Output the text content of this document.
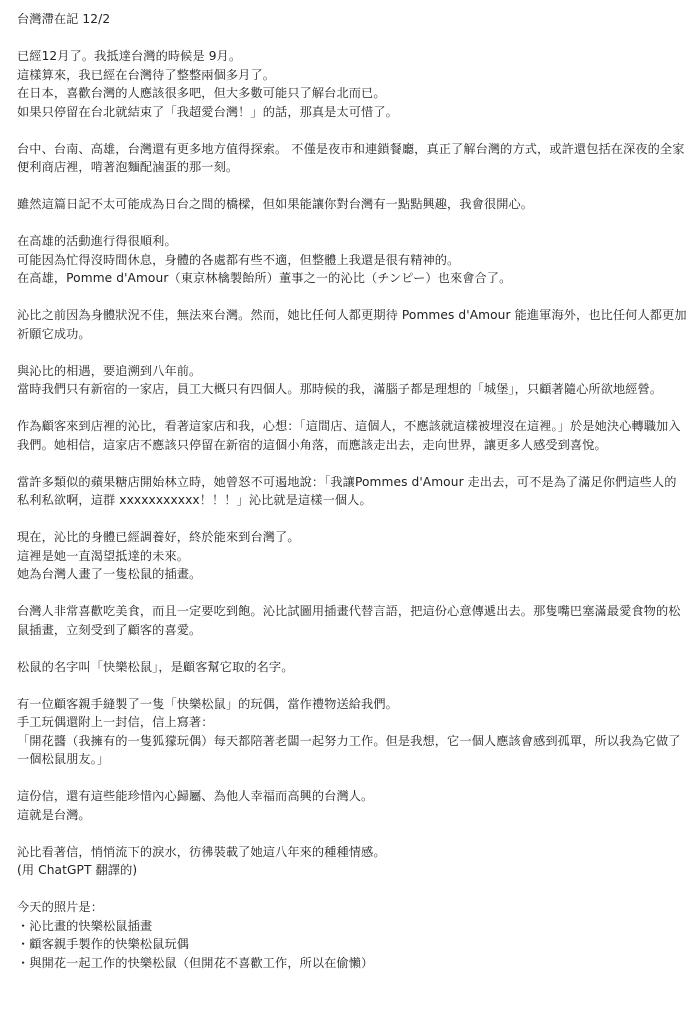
台灣滯在記 12/2
已經12月了。我抵達台灣的時候是 9月。
這樣算來，我已經在台灣待了整整兩個多月了。
在日本，喜歡台灣的人應該很多吧，但大多數可能只了解台北而已。
如果只停留在台北就結束了「我超愛台灣！」的話，那真是太可惜了。
台中、台南、高雄，台灣還有更多地方值得探索。 不僅是夜市和連鎖餐廳，真正了解台灣的方式，或許還包括在深夜的全家便利商店裡，啃著泡麵配滷蛋的那一刻。
雖然這篇日記不太可能成為日台之間的橋樑，但如果能讓你對台灣有一點點興趣，我會很開心。
在高雄的活動進行得很順利。
可能因為忙得沒時間休息，身體的各處都有些不適，但整體上我還是很有精神的。
在高雄，Pomme d'Amour（東京林檎製飴所）董事之一的沁比（チンピー）也來會合了。
沁比之前因為身體狀況不佳，無法來台灣。然而，她比任何人都更期待 Pommes d'Amour 能進軍海外，也比任何人都更加祈願它成功。
與沁比的相遇，要追溯到八年前。
當時我們只有新宿的一家店，員工大概只有四個人。那時候的我，滿腦子都是理想的「城堡」，只顧著隨心所欲地經營。
作為顧客來到店裡的沁比，看著這家店和我，心想：「這間店、這個人，不應該就這樣被埋沒在這裡。」於是她決心轉職加入我們。她相信，這家店不應該只停留在新宿的這個小角落，而應該走出去，走向世界，讓更多人感受到喜悅。
當許多類似的蘋果糖店開始林立時，她曾怒不可遏地說：「我讓Pommes d'Amour 走出去，可不是為了滿足你們這些人的私利私欲啊，這群 xxxxxxxxxxx！！！」沁比就是這樣一個人。
現在，沁比的身體已經調養好，終於能來到台灣了。
這裡是她一直渴望抵達的未來。
她為台灣人畫了一隻松鼠的插畫。
台灣人非常喜歡吃美食，而且一定要吃到飽。沁比試圖用插畫代替言語，把這份心意傳遞出去。那隻嘴巴塞滿最愛食物的松鼠插畫，立刻受到了顧客的喜愛。
松鼠的名字叫「快樂松鼠」，是顧客幫它取的名字。
有一位顧客親手縫製了一隻「快樂松鼠」的玩偶，當作禮物送給我們。
手工玩偶還附上一封信，信上寫著：
「開花醬（我擁有的一隻狐獴玩偶）每天都陪著老闆一起努力工作。但是我想，它一個人應該會感到孤單，所以我為它做了一個松鼠朋友。」
這份信，還有這些能珍惜內心歸屬、為他人幸福而高興的台灣人。
這就是台灣。
沁比看著信，悄悄流下的淚水，彷彿裝載了她這八年來的種種情感。
(用 ChatGPT 翻譯的)
今天的照片是：
・沁比畫的快樂松鼠插畫
・顧客親手製作的快樂松鼠玩偶
・與開花一起工作的快樂松鼠（但開花不喜歡工作，所以在偷懶）
